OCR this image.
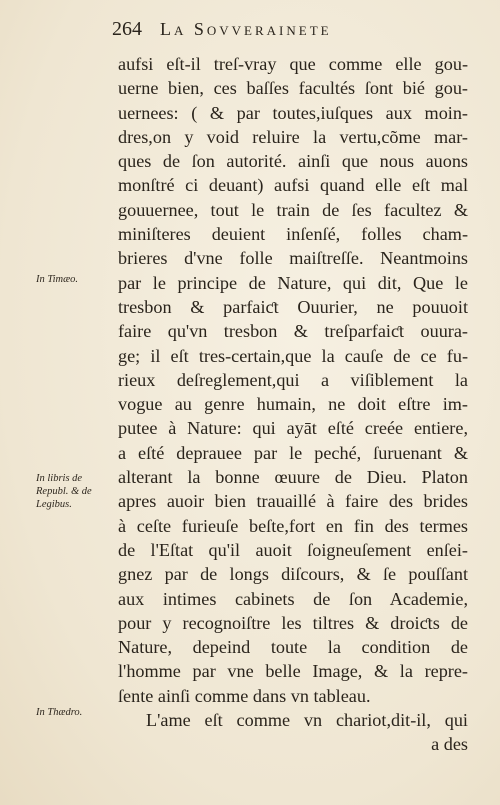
264 La Sovverainete
aufsi eſt-il treſ-vray que comme elle gou-
uerne bien, ces baſſes facultés ſont bié gou-
uernees: ( & par toutes,iuſques aux moin-
dres,on y void reluire la vertu,cõme mar-
ques de ſon autorité. ainſi que nous auons
monſtré ci deuant) aufsi quand elle eſt mal
gouuernee, tout le train de ſes facultez &
miniſteres deuient inſenſé, folles cham-
brieres d'vne folle maiſtreſſe. Neantmoins
par le principe de Nature, qui dit, Que le
tresbon & parfaiƈt Ouurier, ne pouuoit
faire qu'vn tresbon & treſparfaiƈt ouura-
ge; il eſt tres-certain,que la cauſe de ce fu-
rieux deſreglement,qui a viſiblement la
vogue au genre humain, ne doit eſtre im-
putee à Nature: qui ayāt eſté creée entiere,
a eſté deprauee par le peché, ſuruenant &
alterant la bonne œuure de Dieu. Platon
apres auoir bien trauaillé à faire des brides
à ceſte furieuſe beſte,fort en fin des termes
de l'Eſtat qu'il auoit ſoigneuſement enſei-
gnez par de longs diſcours, & ſe pouſſant
aux intimes cabinets de ſon Academie,
pour y recognoiſtre les tiltres & droiƈts de
Nature, depeind toute la condition de
l'homme par vne belle Image, & la repre-
ſente ainſi comme dans vn tableau.
L'ame eſt comme vn chariot,dit-il, qui
a des
In Timæo.
In libris de Republ. & de Legibus.
In Thædro.
